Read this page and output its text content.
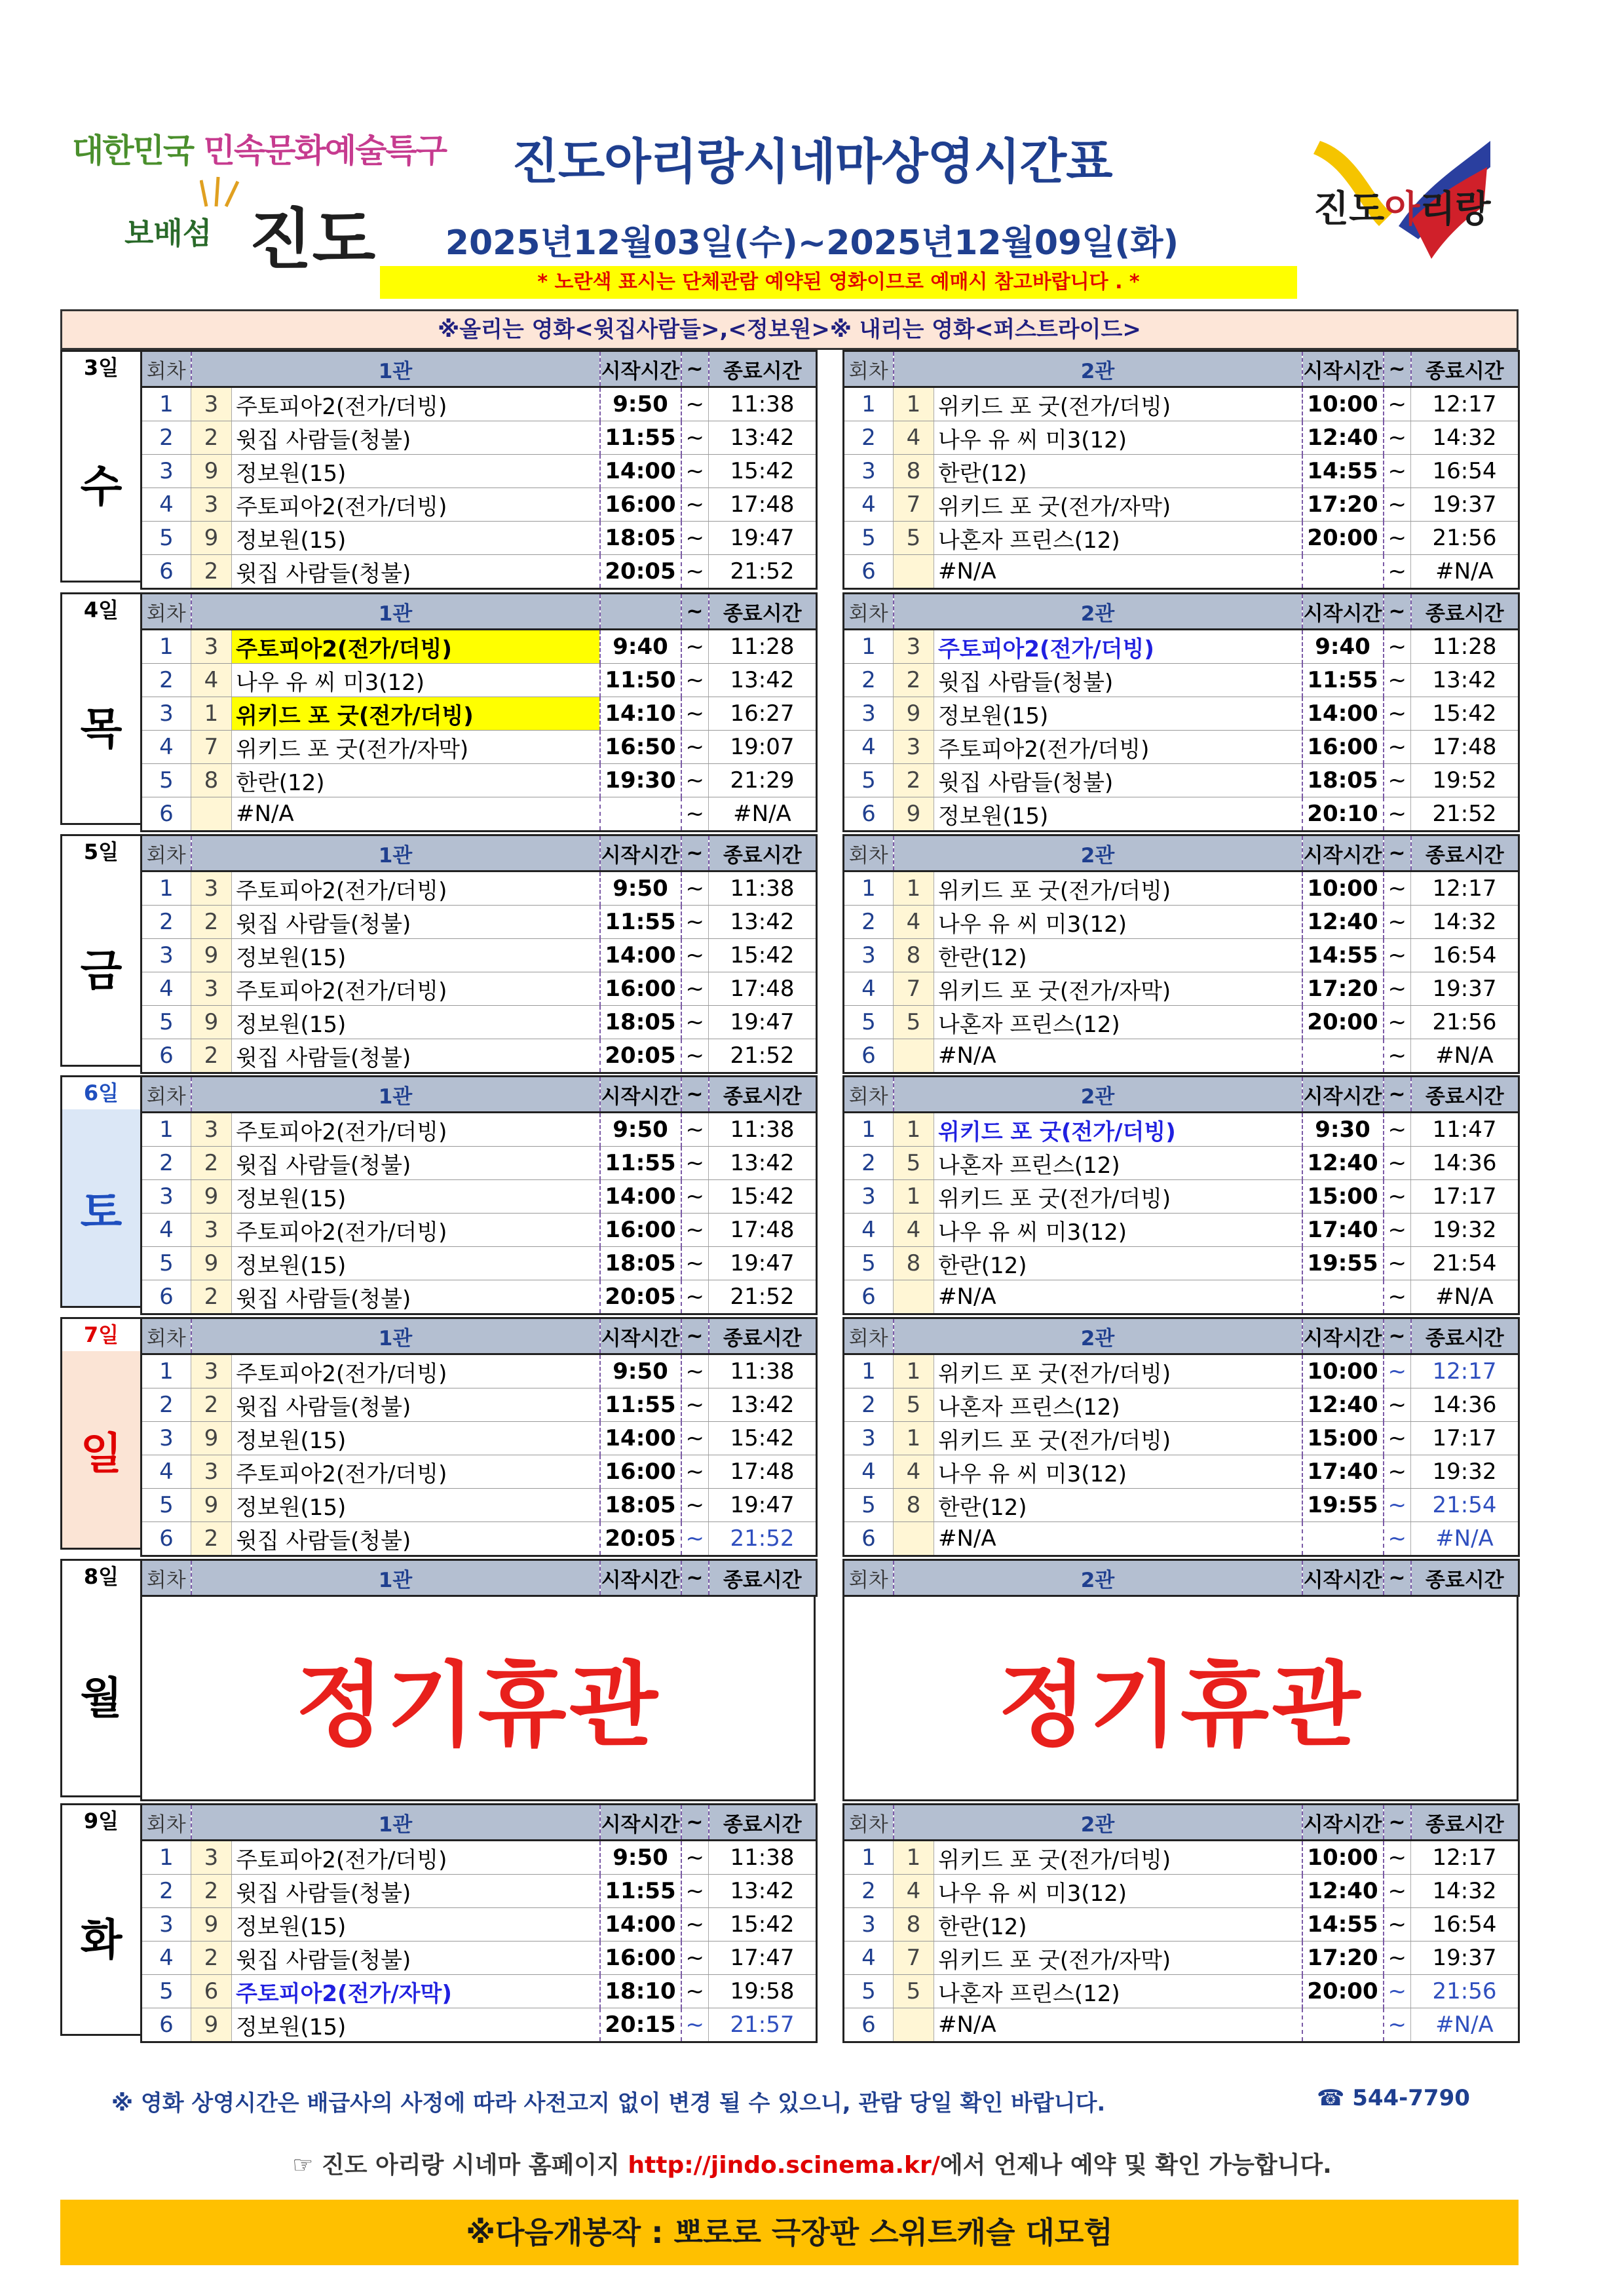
대한민국 민속문화예술특구
보배섬 진도
진도아리랑시네마상영시간표
2025년12월03일(수)~2025년12월09일(화)
* 노란색 표시는 단체관람 예약된 영화이므로 예매시 참고바랍니다 . *
진도아리랑
※올리는 영화<윗집사람들>,<정보원>※ 내리는 영화<퍼스트라이드>
3일
수
회차	1관		시작시간	~	종료시간
1	3	주토피아2(전가/더빙)	9:50	~	11:38
2	2	윗집 사람들(청불)	11:55	~	13:42
3	9	정보원(15)	14:00	~	15:42
4	3	주토피아2(전가/더빙)	16:00	~	17:48
5	9	정보원(15)	18:05	~	19:47
6	2	윗집 사람들(청불)	20:05	~	21:52
회차	2관		시작시간	~	종료시간
1	1	위키드 포 굿(전가/더빙)	10:00	~	12:17
2	4	나우 유 씨 미3(12)	12:40	~	14:32
3	8	한란(12)	14:55	~	16:54
4	7	위키드 포 굿(전가/자막)	17:20	~	19:37
5	5	나혼자 프린스(12)	20:00	~	21:56
6		#N/A		~	#N/A
4일
목
회차	1관			~	종료시간
1	3	주토피아2(전가/더빙)	9:40	~	11:28
2	4	나우 유 씨 미3(12)	11:50	~	13:42
3	1	위키드 포 굿(전가/더빙)	14:10	~	16:27
4	7	위키드 포 굿(전가/자막)	16:50	~	19:07
5	8	한란(12)	19:30	~	21:29
6		#N/A		~	#N/A
회차	2관		시작시간	~	종료시간
1	3	주토피아2(전가/더빙)	9:40	~	11:28
2	2	윗집 사람들(청불)	11:55	~	13:42
3	9	정보원(15)	14:00	~	15:42
4	3	주토피아2(전가/더빙)	16:00	~	17:48
5	2	윗집 사람들(청불)	18:05	~	19:52
6	9	정보원(15)	20:10	~	21:52
5일
금
회차	1관		시작시간	~	종료시간
1	3	주토피아2(전가/더빙)	9:50	~	11:38
2	2	윗집 사람들(청불)	11:55	~	13:42
3	9	정보원(15)	14:00	~	15:42
4	3	주토피아2(전가/더빙)	16:00	~	17:48
5	9	정보원(15)	18:05	~	19:47
6	2	윗집 사람들(청불)	20:05	~	21:52
회차	2관		시작시간	~	종료시간
1	1	위키드 포 굿(전가/더빙)	10:00	~	12:17
2	4	나우 유 씨 미3(12)	12:40	~	14:32
3	8	한란(12)	14:55	~	16:54
4	7	위키드 포 굿(전가/자막)	17:20	~	19:37
5	5	나혼자 프린스(12)	20:00	~	21:56
6		#N/A		~	#N/A
6일
토
회차	1관		시작시간	~	종료시간
1	3	주토피아2(전가/더빙)	9:50	~	11:38
2	2	윗집 사람들(청불)	11:55	~	13:42
3	9	정보원(15)	14:00	~	15:42
4	3	주토피아2(전가/더빙)	16:00	~	17:48
5	9	정보원(15)	18:05	~	19:47
6	2	윗집 사람들(청불)	20:05	~	21:52
회차	2관		시작시간	~	종료시간
1	1	위키드 포 굿(전가/더빙)	9:30	~	11:47
2	5	나혼자 프린스(12)	12:40	~	14:36
3	1	위키드 포 굿(전가/더빙)	15:00	~	17:17
4	4	나우 유 씨 미3(12)	17:40	~	19:32
5	8	한란(12)	19:55	~	21:54
6		#N/A		~	#N/A
7일
일
회차	1관		시작시간	~	종료시간
1	3	주토피아2(전가/더빙)	9:50	~	11:38
2	2	윗집 사람들(청불)	11:55	~	13:42
3	9	정보원(15)	14:00	~	15:42
4	3	주토피아2(전가/더빙)	16:00	~	17:48
5	9	정보원(15)	18:05	~	19:47
6	2	윗집 사람들(청불)	20:05	~	21:52
회차	2관		시작시간	~	종료시간
1	1	위키드 포 굿(전가/더빙)	10:00	~	12:17
2	5	나혼자 프린스(12)	12:40	~	14:36
3	1	위키드 포 굿(전가/더빙)	15:00	~	17:17
4	4	나우 유 씨 미3(12)	17:40	~	19:32
5	8	한란(12)	19:55	~	21:54
6		#N/A		~	#N/A
8일
월
회차	1관	시작시간	~	종료시간
정기휴관
회차	2관	시작시간	~	종료시간
정기휴관
9일
화
회차	1관		시작시간	~	종료시간
1	3	주토피아2(전가/더빙)	9:50	~	11:38
2	2	윗집 사람들(청불)	11:55	~	13:42
3	9	정보원(15)	14:00	~	15:42
4	2	윗집 사람들(청불)	16:00	~	17:47
5	6	주토피아2(전가/자막)	18:10	~	19:58
6	9	정보원(15)	20:15	~	21:57
회차	2관		시작시간	~	종료시간
1	1	위키드 포 굿(전가/더빙)	10:00	~	12:17
2	4	나우 유 씨 미3(12)	12:40	~	14:32
3	8	한란(12)	14:55	~	16:54
4	7	위키드 포 굿(전가/자막)	17:20	~	19:37
5	5	나혼자 프린스(12)	20:00	~	21:56
6		#N/A		~	#N/A
※ 영화 상영시간은 배급사의 사정에 따라 사전고지 없이 변경 될 수 있으니, 관람 당일 확인 바랍니다.	☎ 544-7790
☞ 진도 아리랑 시네마 홈페이지 http://jindo.scinema.kr/에서 언제나 예약 및 확인 가능합니다.
※다음개봉작 : 뽀로로 극장판 스위트캐슬 대모험
